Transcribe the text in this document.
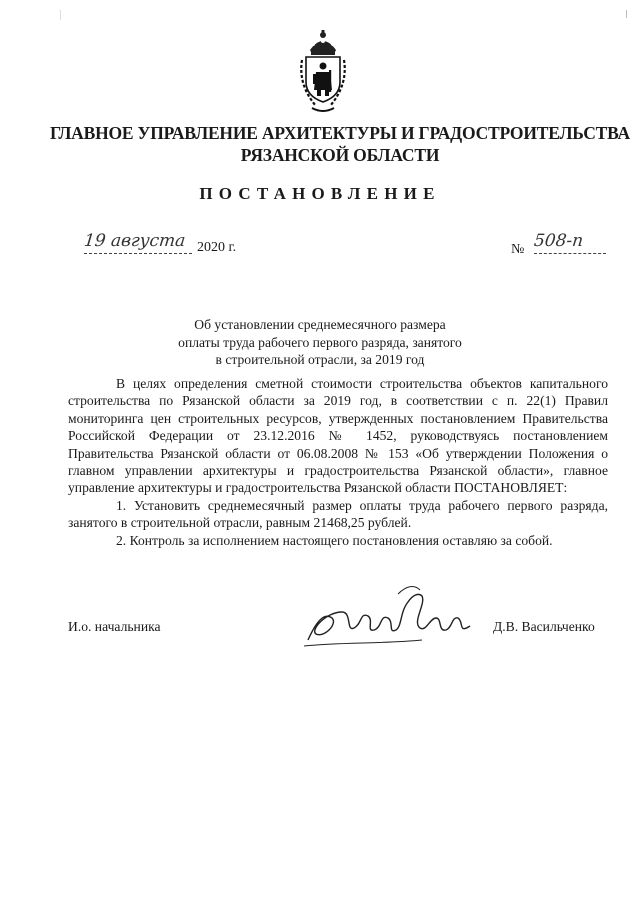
ГЛАВНОЕ УПРАВЛЕНИЕ АРХИТЕКТУРЫ И ГРАДОСТРОИТЕЛЬСТВА
РЯЗАНСКОЙ ОБЛАСТИ
ПОСТАНОВЛЕНИЕ
19 августа 2020 г.	№ 508-п
Об установлении среднемесячного размера
оплаты труда рабочего первого разряда, занятого
в строительной отрасли, за 2019 год

В целях определения сметной стоимости строительства объектов капитального строительства по Рязанской области за 2019 год, в соответствии с п. 22(1) Правил мониторинга цен строительных ресурсов, утвержденных постановлением Правительства Российской Федерации от 23.12.2016 № 1452, руководствуясь постановлением Правительства Рязанской области от 06.08.2008 № 153 «Об утверждении Положения о главном управлении архитектуры и градостроительства Рязанской области», главное управление архитектуры и градостроительства Рязанской области ПОСТАНОВЛЯЕТ:

1. Установить среднемесячный размер оплаты труда рабочего первого разряда, занятого в строительной отрасли, равным 21468,25 рублей.

2. Контроль за исполнением настоящего постановления оставляю за собой.

И.о. начальника	Д.В. Васильченко
